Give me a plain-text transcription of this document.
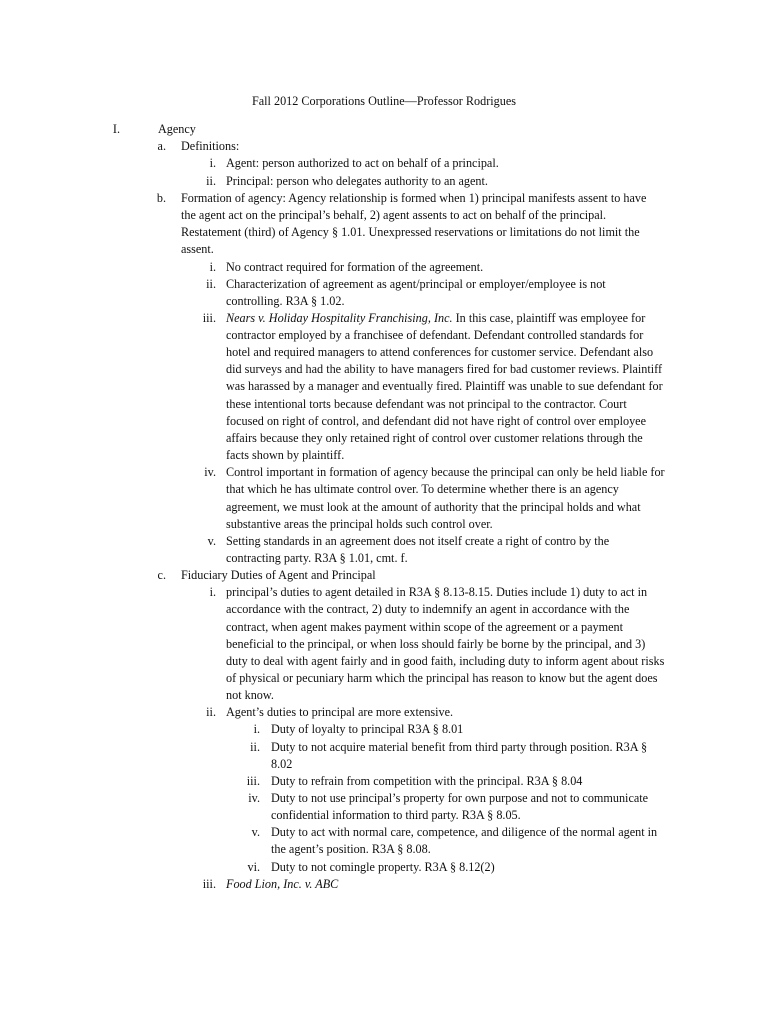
Fall 2012 Corporations Outline—Professor Rodrigues
I.	Agency
a. Definitions:
i. Agent: person authorized to act on behalf of a principal.
ii. Principal: person who delegates authority to an agent.
b. Formation of agency: Agency relationship is formed when 1) principal manifests assent to have
the agent act on the principal’s behalf, 2) agent assents to act on behalf of the principal.
Restatement (third) of Agency § 1.01. Unexpressed reservations or limitations do not limit the
assent.
i. No contract required for formation of the agreement.
ii. Characterization of agreement as agent/principal or employer/employee is not
controlling. R3A § 1.02.
iii. Nears v. Holiday Hospitality Franchising, Inc. In this case, plaintiff was employee for
contractor employed by a franchisee of defendant. Defendant controlled standards for
hotel and required managers to attend conferences for customer service. Defendant also
did surveys and had the ability to have managers fired for bad customer reviews. Plaintiff
was harassed by a manager and eventually fired. Plaintiff was unable to sue defendant for
these intentional torts because defendant was not principal to the contractor. Court
focused on right of control, and defendant did not have right of control over employee
affairs because they only retained right of control over customer relations through the
facts shown by plaintiff.
iv. Control important in formation of agency because the principal can only be held liable for
that which he has ultimate control over. To determine whether there is an agency
agreement, we must look at the amount of authority that the principal holds and what
substantive areas the principal holds such control over.
v. Setting standards in an agreement does not itself create a right of contro by the
contracting party. R3A § 1.01, cmt. f.
c. Fiduciary Duties of Agent and Principal
i. principal’s duties to agent detailed in R3A § 8.13-8.15. Duties include 1) duty to act in
accordance with the contract, 2) duty to indemnify an agent in accordance with the
contract, when agent makes payment within scope of the agreement or a payment
beneficial to the principal, or when loss should fairly be borne by the principal, and 3)
duty to deal with agent fairly and in good faith, including duty to inform agent about risks
of physical or pecuniary harm which the principal has reason to know but the agent does
not know.
ii. Agent’s duties to principal are more extensive.
i. Duty of loyalty to principal R3A § 8.01
ii. Duty to not acquire material benefit from third party through position. R3A §
8.02
iii. Duty to refrain from competition with the principal. R3A § 8.04
iv. Duty to not use principal’s property for own purpose and not to communicate
confidential information to third party. R3A § 8.05.
v. Duty to act with normal care, competence, and diligence of the normal agent in
the agent’s position. R3A § 8.08.
vi. Duty to not comingle property. R3A § 8.12(2)
iii. Food Lion, Inc. v. ABC
